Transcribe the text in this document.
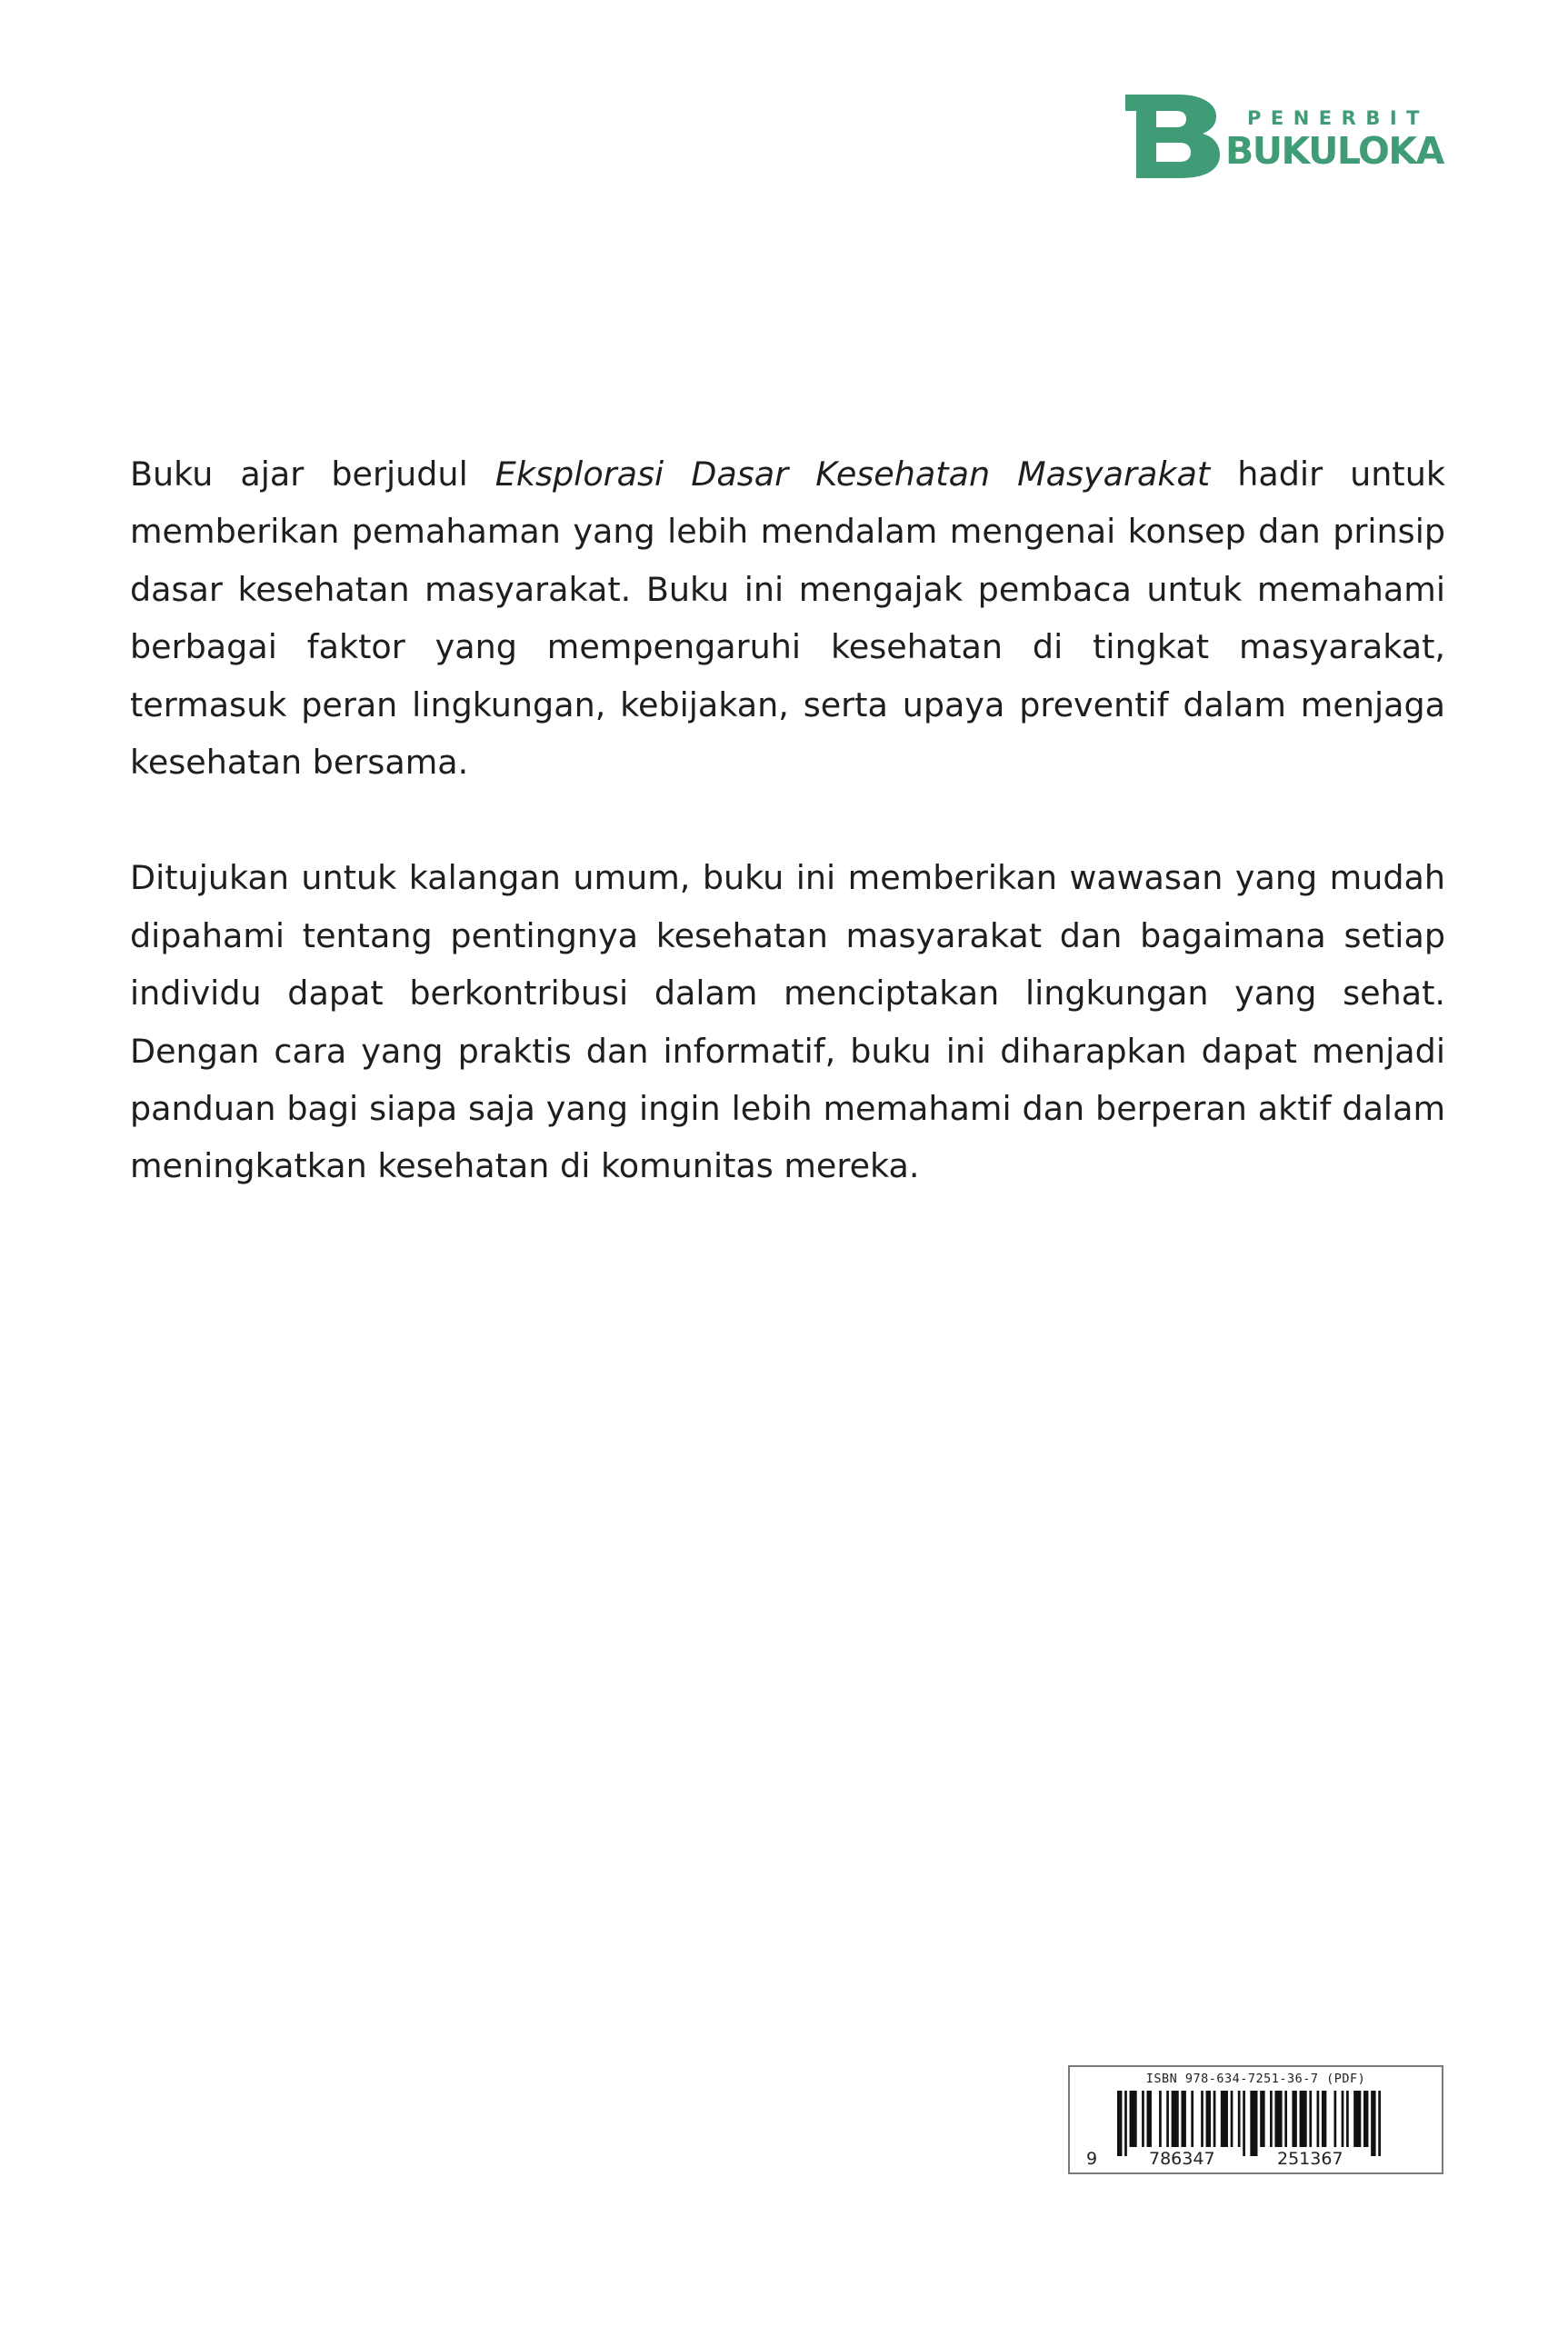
PENERBIT
BUKULOKA

Buku ajar berjudul Eksplorasi Dasar Kesehatan Masyarakat hadir untuk memberikan pemahaman yang lebih mendalam mengenai konsep dan prinsip dasar kesehatan masyarakat. Buku ini mengajak pembaca untuk memahami berbagai faktor yang mempengaruhi kesehatan di tingkat masyarakat, termasuk peran lingkungan, kebijakan, serta upaya preventif dalam menjaga kesehatan bersama.

Ditujukan untuk kalangan umum, buku ini memberikan wawasan yang mudah dipahami tentang pentingnya kesehatan masyarakat dan bagaimana setiap individu dapat berkontribusi dalam menciptakan lingkungan yang sehat. Dengan cara yang praktis dan informatif, buku ini diharapkan dapat menjadi panduan bagi siapa saja yang ingin lebih memahami dan berperan aktif dalam meningkatkan kesehatan di komunitas mereka.

ISBN 978-634-7251-36-7 (PDF)
9	786347	251367
